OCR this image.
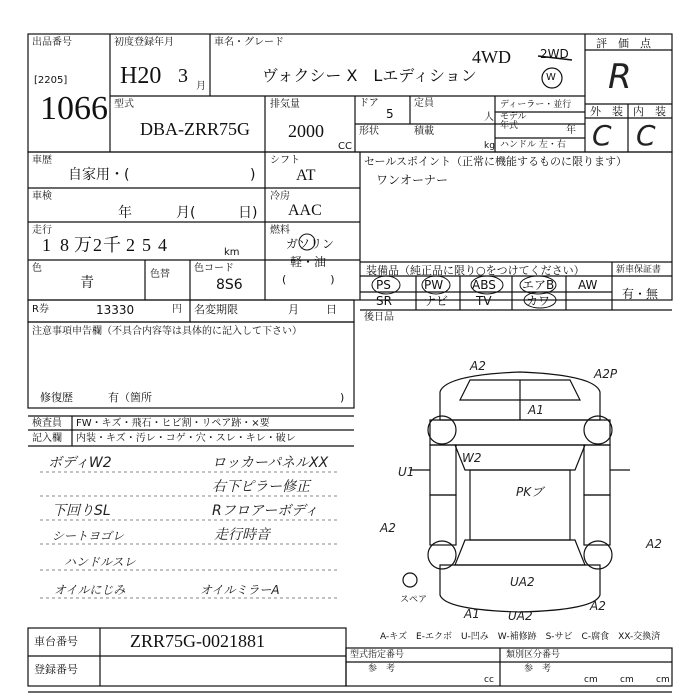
出品番号
[2205]
1066
初度登録年月
H20 3 月
車名・グレード
4WD 2WD
W
ヴォクシー X　Lエディション
評　価　点
R
型式
DBA-ZRR75G
排気量
2000
CC
ドア
5
形状
定員
人
積載
kg
ディーラー・並行
モデル
年式	年
ハンドル 左・右
外　装 内　装
C C
車歴
自家用・(	)
シフト
AT
セールスポイント（正常に機能するものに限ります）
ワンオーナー
車検
年	月(	日)
冷房
AAC
走行
1 8 万2千 2 5 4	km
燃料
ガソリン
軽・油
(　　　　)
色
青
色替
色コード
8S6
装備品（純正品に限り○をつけてください）
PS	PW ABS エアB AW
SR	ナビ TV	カワ
新車保証書
有・無
後日品
R券	13330	円 名変期限	月 日
注意事項申告欄（不具合内容等は具体的に記入して下さい）
修復歴	有（箇所	)
検査員
記入欄
FW・キズ・飛石・ヒビ割・リペア跡・×要
内装・キズ・汚レ・コゲ・穴・スレ・キレ・破レ
ボディW2	ロッカーパネルXX
右下ピラー修正
下回りSL	Rフロアーボディ
シートヨゴレ	走行時音
ハンドルスレ
オイルにじみ	オイルミラーA
A2
A2P
A1
W2
U1
A2
A2
PKブ
UA2
A1 UA2
A2
スペア
A-キズ　E-エクボ　U-凹み　W-補修跡　S-サビ　C-腐食　XX-交換済
車台番号	ZRR75G-0021881
登録番号
型式指定番号	類別区分番号
参　考	参　考
cc	cm cm cm
